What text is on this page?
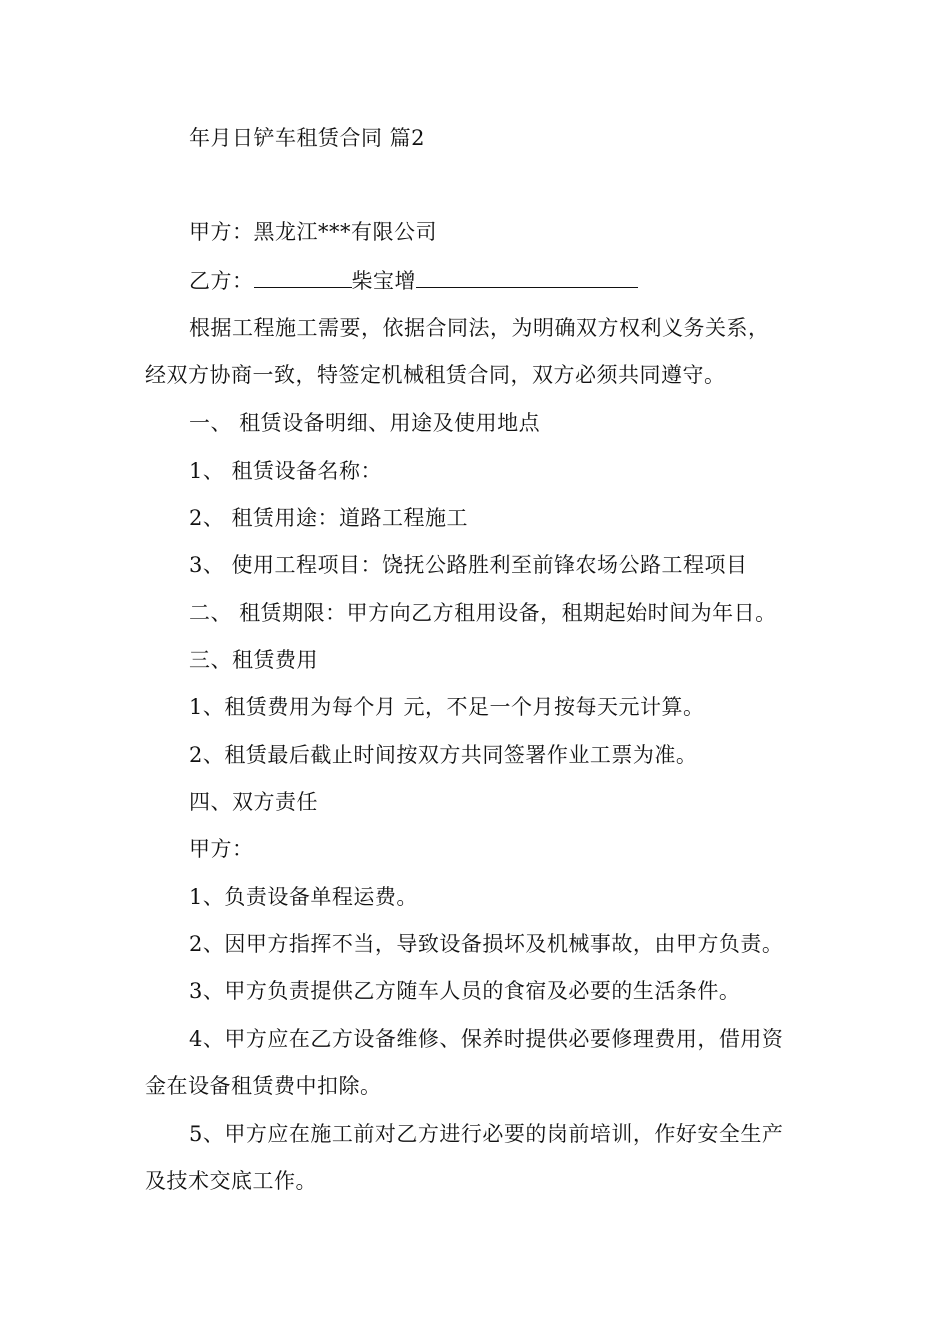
年月日铲车租赁合同 篇2
甲方：黑龙江***有限公司
乙方：	柴宝增
根据工程施工需要，依据合同法，为明确双方权利义务关系，
经双方协商一致，特签定机械租赁合同，双方必须共同遵守。
一、 租赁设备明细、用途及使用地点
1、 租赁设备名称：
2、 租赁用途：道路工程施工
3、 使用工程项目：饶抚公路胜利至前锋农场公路工程项目
二、 租赁期限：甲方向乙方租用设备，租期起始时间为年日。
三、租赁费用
1、租赁费用为每个月 元，不足一个月按每天元计算。
2、租赁最后截止时间按双方共同签署作业工票为准。
四、双方责任
甲方：
1、负责设备单程运费。
2、因甲方指挥不当，导致设备损坏及机械事故，由甲方负责。
3、甲方负责提供乙方随车人员的食宿及必要的生活条件。
4、甲方应在乙方设备维修、保养时提供必要修理费用，借用资
金在设备租赁费中扣除。
5、甲方应在施工前对乙方进行必要的岗前培训，作好安全生产
及技术交底工作。
